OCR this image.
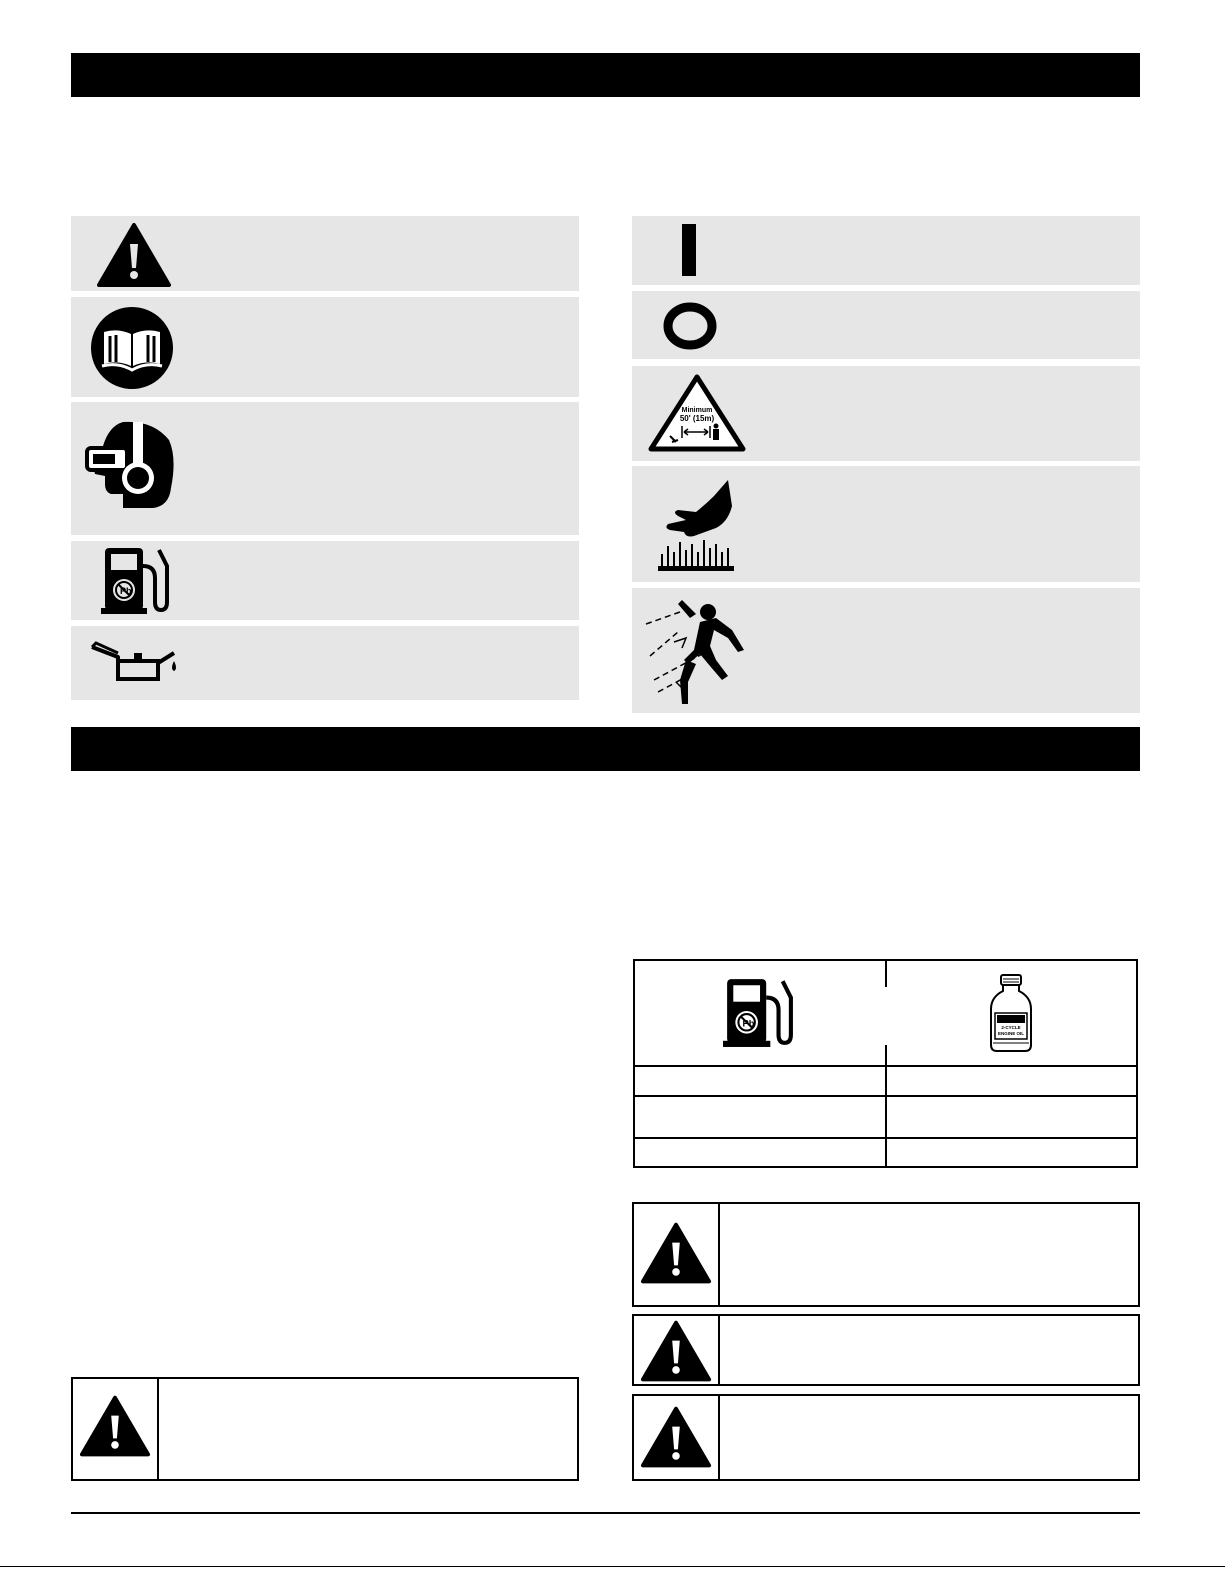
Pb
Minimum
50' (15m)
Pb	2-CYCLE
ENGINE OIL
